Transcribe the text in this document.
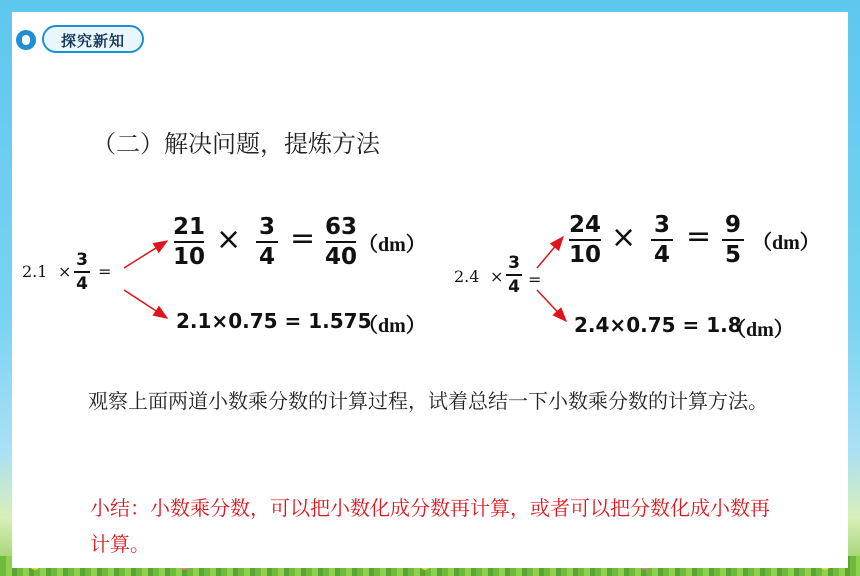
探究新知
（二）解决问题，提炼方法
2.1 ×
3
4
=
21
10 × 3
4
= 63
40 （dm）
2.1×0.75 = 1.575
（dm）
2.4 ×
3
4 =
24
10 × 3
4
= 9
5 （dm）
2.4×0.75 = 1.8
（dm）
观察上面两道小数乘分数的计算过程，试着总结一下小数乘分数的计算方法。
小结：小数乘分数，可以把小数化成分数再计算，或者可以把分数化成小数再计算。
